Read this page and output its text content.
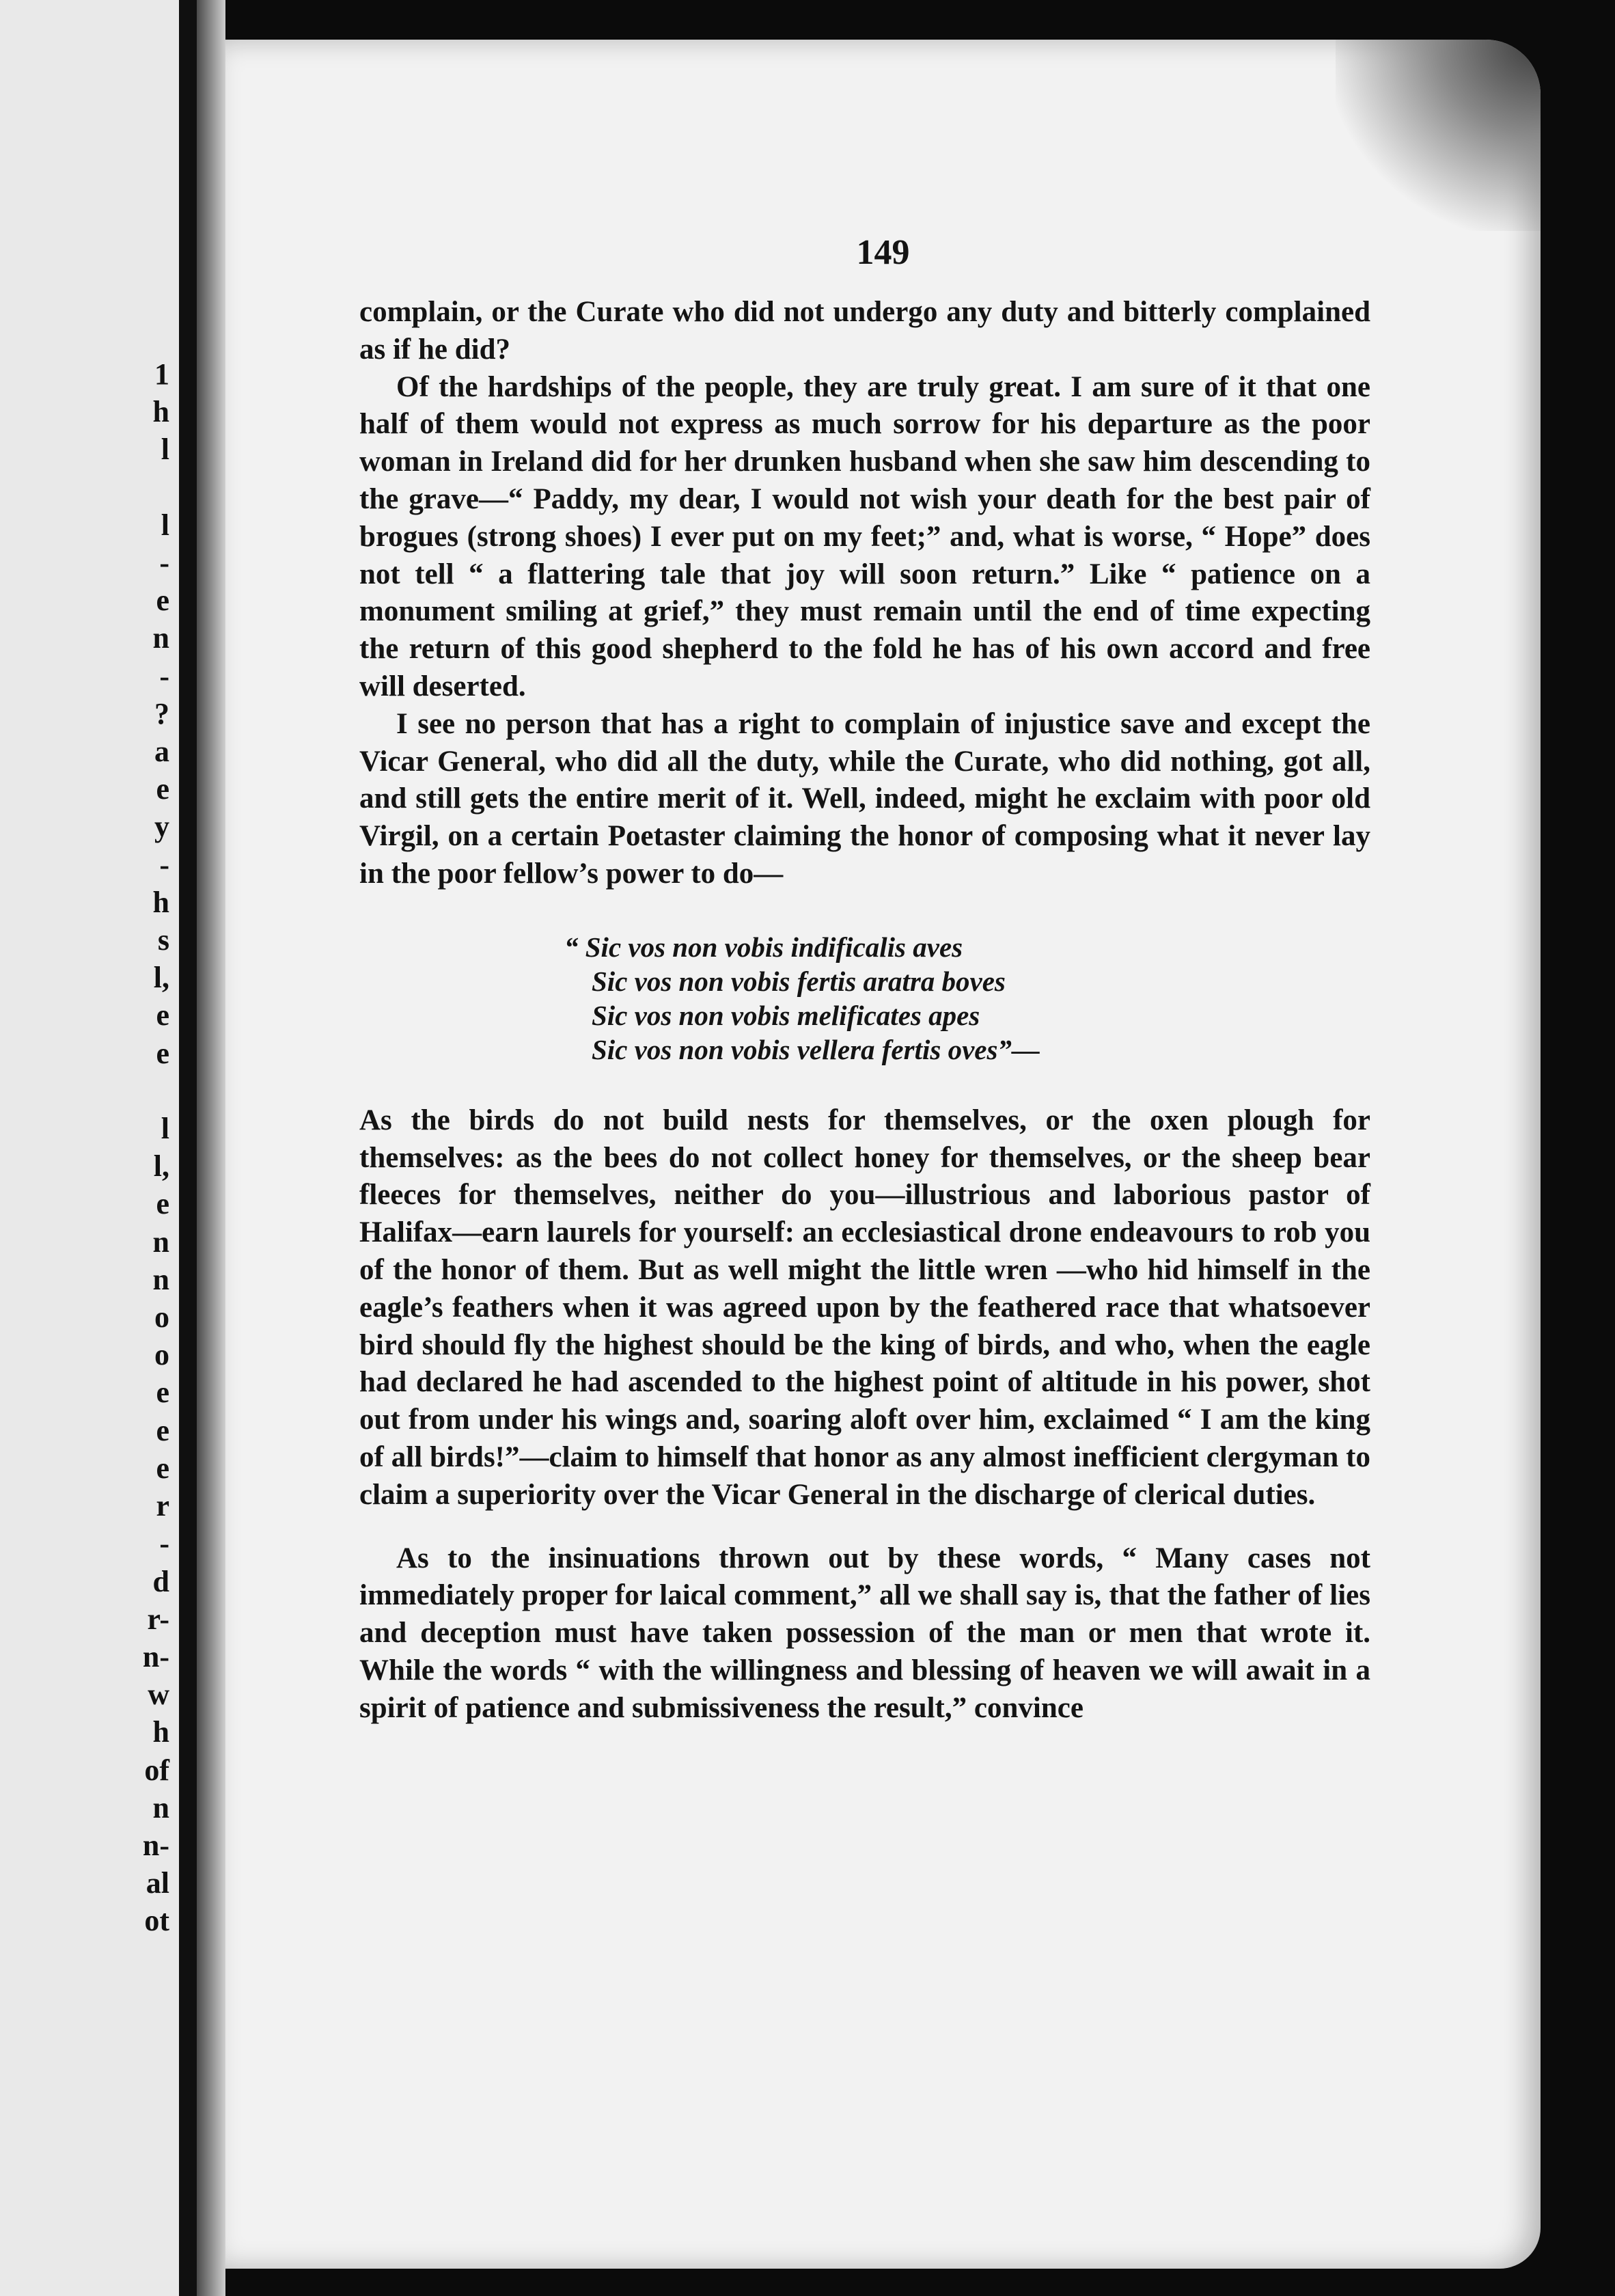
1
h
l

l
-
e
n
-
?
a
e
y
-
h
s
l,
e
e

l
l,
e
n
n
o
o
e
e
e
r
-
d
r-
n-
w
h
of
n
n-
al
ot
149

complain, or the Curate who did not undergo any duty and bitterly complained as if he did?

Of the hardships of the people, they are truly great. I am sure of it that one half of them would not express as much sorrow for his departure as the poor woman in Ireland did for her drunken husband when she saw him descending to the grave—“ Paddy, my dear, I would not wish your death for the best pair of brogues (strong shoes) I ever put on my feet;” and, what is worse, “ Hope” does not tell “ a flattering tale that joy will soon return.” Like “ patience on a monument smiling at grief,” they must remain until the end of time expecting the return of this good shepherd to the fold he has of his own accord and free will deserted.

I see no person that has a right to complain of injustice save and except the Vicar General, who did all the duty, while the Curate, who did nothing, got all, and still gets the entire merit of it. Well, indeed, might he exclaim with poor old Virgil, on a certain Poetaster claiming the honor of composing what it never lay in the poor fellow’s power to do—

“ Sic vos non vobis indificalis aves
Sic vos non vobis fertis aratra boves
Sic vos non vobis melificates apes
Sic vos non vobis vellera fertis oves”—

As the birds do not build nests for themselves, or the oxen plough for themselves: as the bees do not collect honey for themselves, or the sheep bear fleeces for themselves, neither do you—illustrious and laborious pastor of Halifax—earn laurels for yourself: an ecclesiastical drone endeavours to rob you of the honor of them. But as well might the little wren —who hid himself in the eagle’s feathers when it was agreed upon by the feathered race that whatsoever bird should fly the highest should be the king of birds, and who, when the eagle had declared he had ascended to the highest point of altitude in his power, shot out from under his wings and, soaring aloft over him, exclaimed “ I am the king of all birds!”—claim to himself that honor as any almost inefficient clergyman to claim a superiority over the Vicar General in the discharge of clerical duties.

As to the insinuations thrown out by these words, “ Many cases not immediately proper for laical comment,” all we shall say is, that the father of lies and deception must have taken possession of the man or men that wrote it. While the words “ with the willingness and blessing of heaven we will await in a spirit of patience and submissiveness the result,” convince
